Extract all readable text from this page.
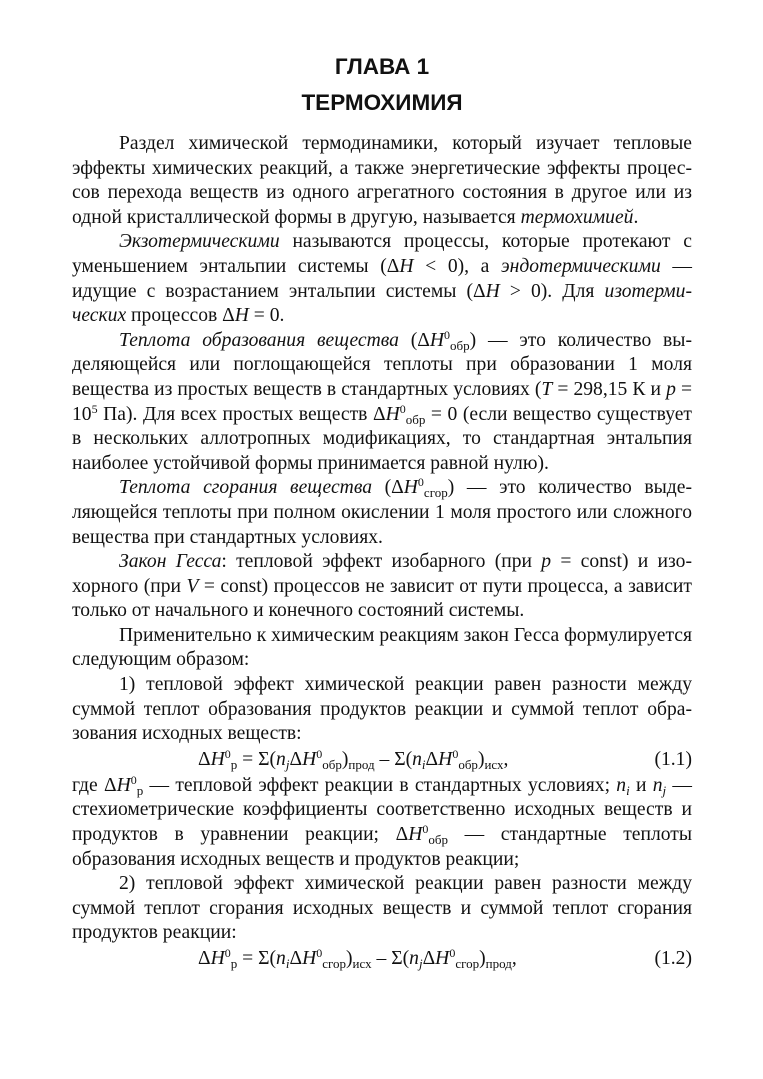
ГЛАВА 1
ТЕРМОХИМИЯ

Раздел химической термодинамики, который изучает тепловые эффекты химических реакций, а также энергетические эффекты процессов перехода веществ из одного агрегатного состояния в другое или из одной кристаллической формы в другую, называется термохимией.

Экзотермическими называются процессы, которые протекают с уменьшением энтальпии системы (ΔH < 0), а эндотермическими — идущие с возрастанием энтальпии системы (ΔH > 0). Для изотермических процессов ΔH = 0.

Теплота образования вещества $(\Delta H^0_{обр})$ — это количество выделяющейся или поглощающейся теплоты при образовании 1 моля вещества из простых веществ в стандартных условиях (T = 298,15 К и $p = 10^5$ Па). Для всех простых веществ $\Delta H^0_{обр} = 0$ (если вещество существует в нескольких аллотропных модификациях, то стандартная энтальпия наиболее устойчивой формы принимается равной нулю).

Теплота сгорания вещества $(\Delta H^0_{сгор})$ — это количество выделяющейся теплоты при полном окислении 1 моля простого или сложного вещества при стандартных условиях.

Закон Гесса: тепловой эффект изобарного (при p = const) и изохорного (при V = const) процессов не зависит от пути процесса, а зависит только от начального и конечного состояний системы.

Применительно к химическим реакциям закон Гесса формулируется следующим образом:

1) тепловой эффект химической реакции равен разности между суммой теплот образования продуктов реакции и суммой теплот образования исходных веществ:

$\Delta H^0_р = \Sigma(n_j\Delta H^0_{обр})_{прод} - \Sigma(n_i\Delta H^0_{обр})_{исх}$,	(1.1)

где $\Delta H^0_р$ — тепловой эффект реакции в стандартных условиях; $n_i$ и $n_j$ — стехиометрические коэффициенты соответственно исходных веществ и продуктов в уравнении реакции; $\Delta H^0_{обр}$ — стандартные теплоты образования исходных веществ и продуктов реакции;

2) тепловой эффект химической реакции равен разности между суммой теплот сгорания исходных веществ и суммой теплот сгорания продуктов реакции:

$\Delta H^0_р = \Sigma(n_i\Delta H^0_{сгор})_{исх} - \Sigma(n_j\Delta H^0_{сгор})_{прод}$,	(1.2)
